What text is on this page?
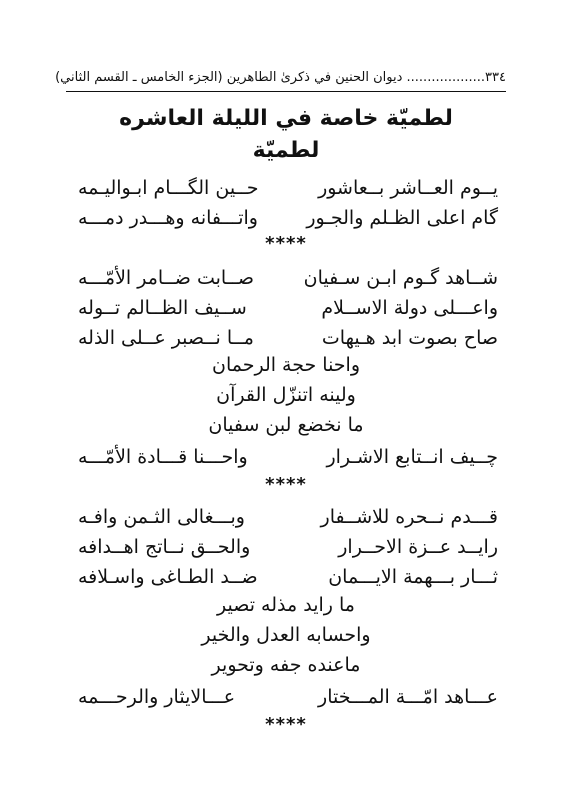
٣٣٤
................... ديوان الحنين في ذكرىٰ الطاهرين (الجزء الخامس ـ القسم الثاني)
لطميّة خاصة في الليلة العاشره
لطميّة
يــوم العــاشر بــعاشور
حــين الگـــام ابـواليـمه
گام اعلى الظـلم والجـور
واتـــفانه وهـــدر دمـــه
****
شــاهد گـوم ابـن سـفيان
صــابت ضــامر الأمّـــه
واعـــلى دولة الاســلام
ســيف الظــالم تــوله
صاح بصوت ابد هـيهات
مــا نــصبر عــلى الذله
واحنا حجة الرحمان
ولينه اتنزّل القرآن
ما نخضع لبن سفيان
چــيف انــتابع الاشـرار
واحـــنا قـــادة الأمّـــه
****
قـــدم نــحره للاشــفار
وبـــغالى الثـمن وافـه
رايــد عــزة الاحــرار
والحــق نــاتج اهــدافه
ثـــار بـــهمة الايـــمان
ضــد الطـاغى واسـلافه
ما رايد مذله تصير
واحسابه العدل والخير
ماعنده جفه وتحوير
عـــاهد امّـــة المـــختار
عـــالايثار والرحـــمه
****
